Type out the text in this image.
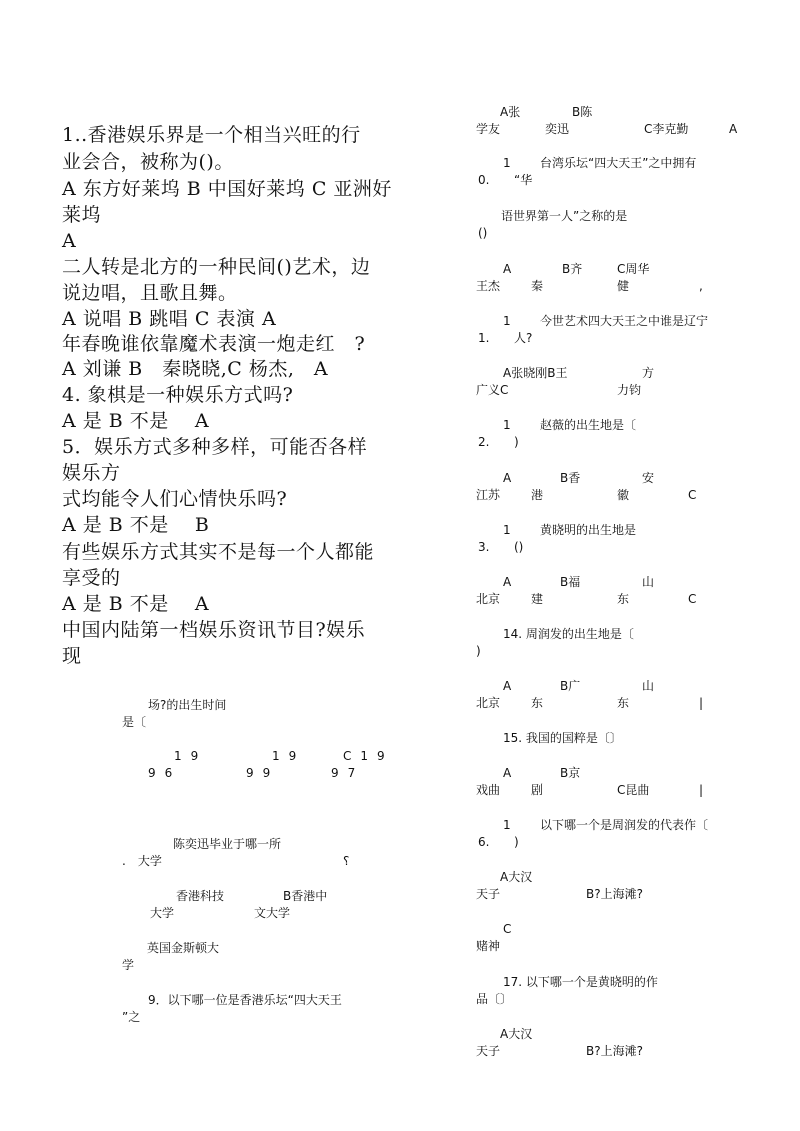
1..香港娱乐界是一个相当兴旺的行
业会合，被称为()。
A 东方好莱坞 B 中国好莱坞 C 亚洲好
莱坞
A
二人转是北方的一种民间()艺术，边
说边唱，且歌且舞。
A 说唱 B 跳唱 C 表演 A
年春晚谁依靠魔术表演一炮走红　?
A 刘谦 B　秦晓晓,C 杨杰,　A
4. 象棋是一种娱乐方式吗?
A 是 B 不是　 A
5．娱乐方式多种多样，可能否各样
娱乐方
式均能令人们心情快乐吗?
A 是 B 不是　 B
有些娱乐方式其实不是每一个人都能
享受的
A 是 B 不是　 A
中国内陆第一档娱乐资讯节目?娱乐
现
场?的出生时间
是〔
19	19	C19
96	99	97
陈奕迅毕业于哪一所
.　大学	؟
香港科技	B香港中
大学	文大学
英国金斯顿大
学
9．以下哪一位是香港乐坛“四大天王
”之
A张	B陈
学友	奕迅	C李克勤	A
1 台湾乐坛“四大天王”之中拥有
0. “华
语世界第一人”之称的是
()
A	B齐	C周华
王杰	秦	健	,
1 今世艺术四大天王之中谁是辽宁
1. 人?
A张晓刚B王	方
广义C	力钧
1 赵薇的出生地是〔
2. )
A	B香	安
江苏	港	徽	C
1 黄晓明的出生地是
3. ()
A	B福	山
北京	建	东	C
14. 周润发的出生地是〔
)
A	B广	山
北京	东	东	|
15. 我国的国粹是〔〕
A	B京
戏曲	剧	C昆曲	|
1 以下哪一个是周润发的代表作〔
6. )
A大汉
天子	B?上海滩?
C
赌神
17. 以下哪一个是黄晓明的作
品〔〕
A大汉
天子	B?上海滩?
